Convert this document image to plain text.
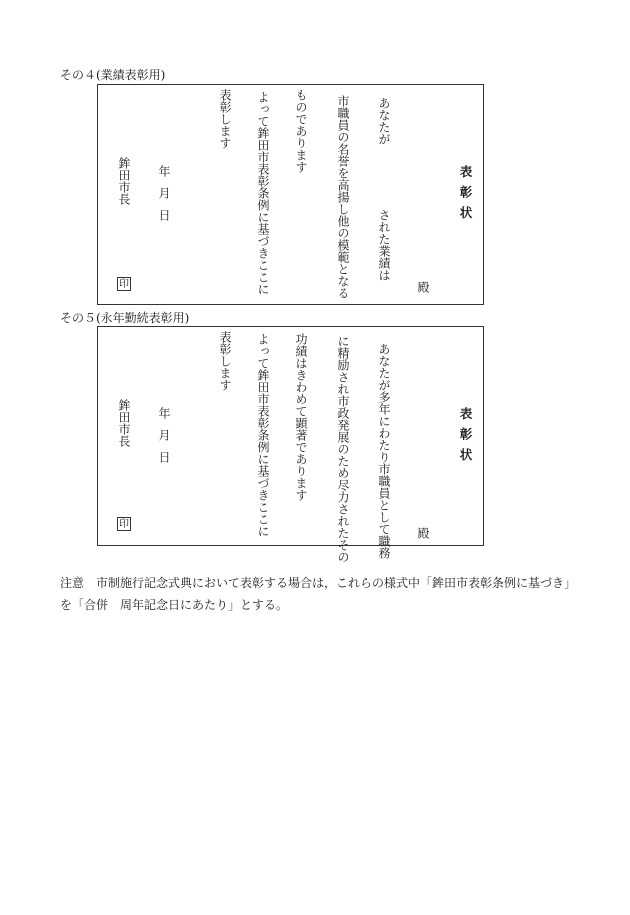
その４(業績表彰用)
表彰状
殿
あなたが
された業績は
市職員の名誉を高揚し他の模範となる
ものであります
よって鉾田市表彰条例に基づきここに
表彰します
年月日
鉾田市長
印
その５(永年勤続表彰用)
表彰状
殿
あなたが多年にわたり市職員として職務
に精励され市政発展のため尽力されたその
功績はきわめて顕著であります
よって鉾田市表彰条例に基づきここに
表彰します
年月日
鉾田市長
印
注意　市制施行記念式典において表彰する場合は，これらの様式中「鉾田市表彰条例に基づき」を「合併　周年記念日にあたり」とする。
